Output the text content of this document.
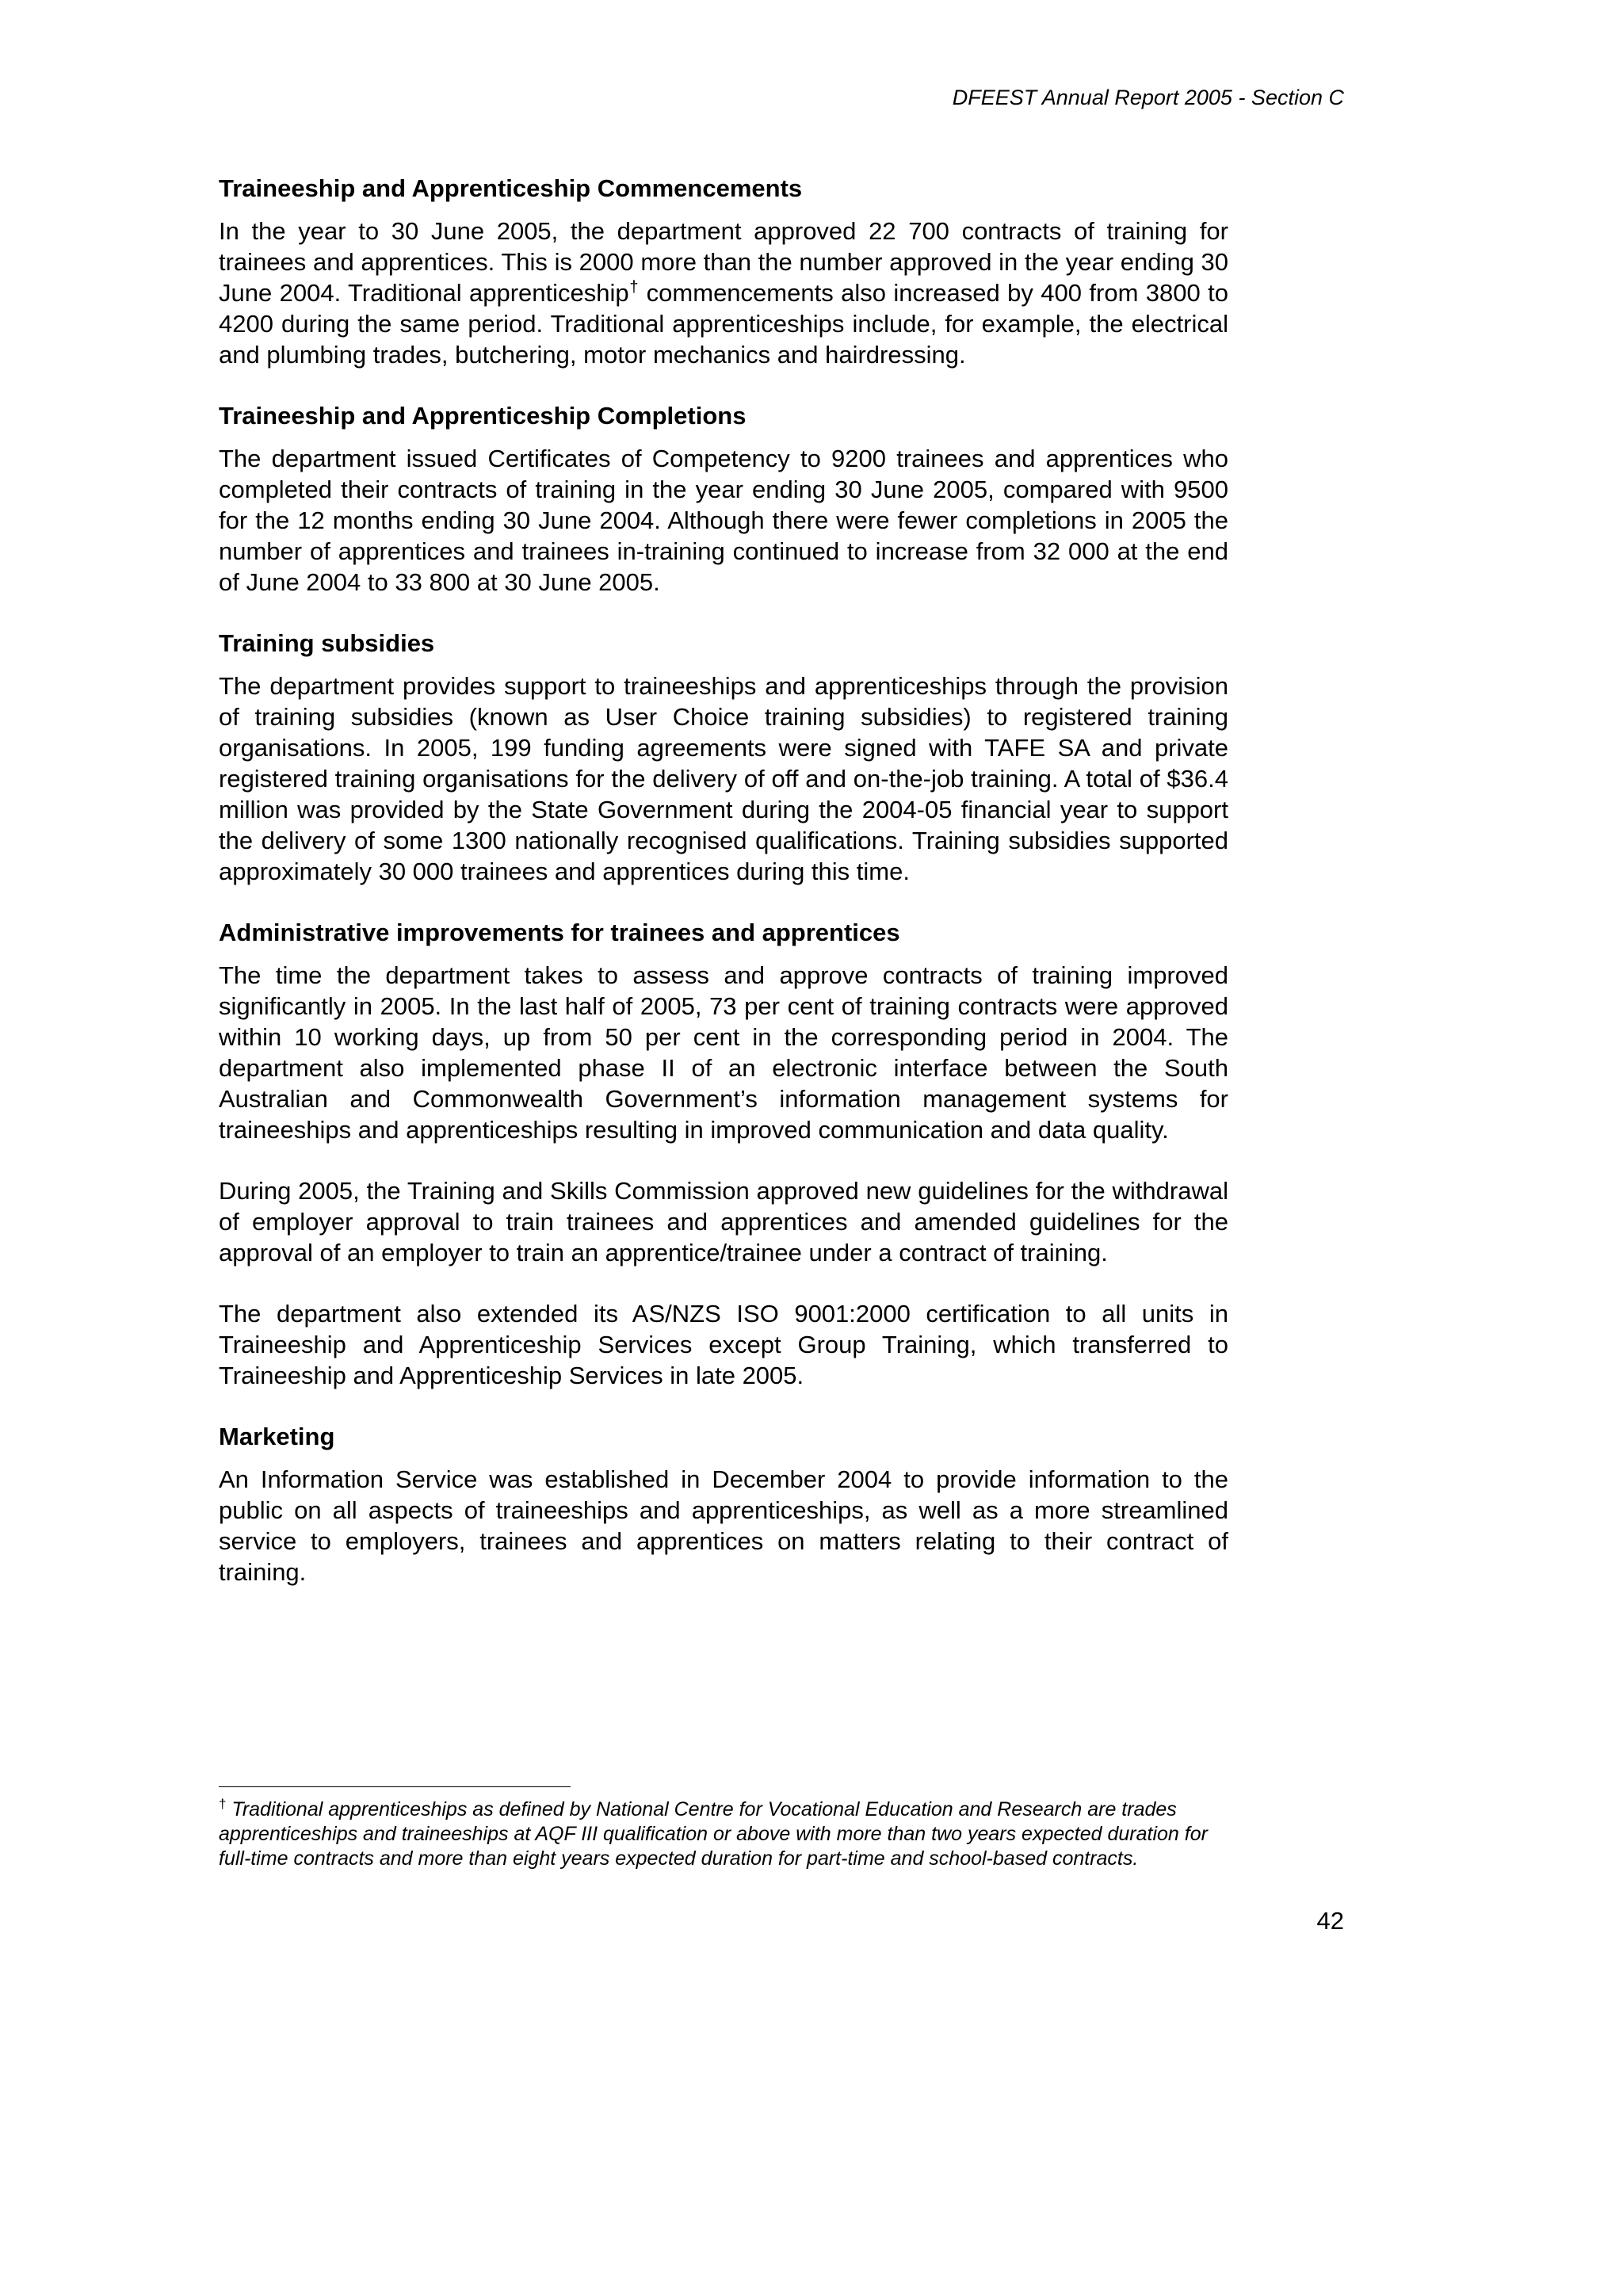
DFEEST Annual Report 2005 - Section C
Traineeship and Apprenticeship Commencements

In the year to 30 June 2005, the department approved 22 700 contracts of training for trainees and apprentices. This is 2000 more than the number approved in the year ending 30 June 2004. Traditional apprenticeship† commencements also increased by 400 from 3800 to 4200 during the same period. Traditional apprenticeships include, for example, the electrical and plumbing trades, butchering, motor mechanics and hairdressing.

Traineeship and Apprenticeship Completions

The department issued Certificates of Competency to 9200 trainees and apprentices who completed their contracts of training in the year ending 30 June 2005, compared with 9500 for the 12 months ending 30 June 2004. Although there were fewer completions in 2005 the number of apprentices and trainees in-training continued to increase from 32 000 at the end of June 2004 to 33 800 at 30 June 2005.

Training subsidies

The department provides support to traineeships and apprenticeships through the provision of training subsidies (known as User Choice training subsidies) to registered training organisations. In 2005, 199 funding agreements were signed with TAFE SA and private registered training organisations for the delivery of off and on-the-job training. A total of $36.4 million was provided by the State Government during the 2004-05 financial year to support the delivery of some 1300 nationally recognised qualifications. Training subsidies supported approximately 30 000 trainees and apprentices during this time.

Administrative improvements for trainees and apprentices

The time the department takes to assess and approve contracts of training improved significantly in 2005. In the last half of 2005, 73 per cent of training contracts were approved within 10 working days, up from 50 per cent in the corresponding period in 2004. The department also implemented phase II of an electronic interface between the South Australian and Commonwealth Government’s information management systems for traineeships and apprenticeships resulting in improved communication and data quality.

During 2005, the Training and Skills Commission approved new guidelines for the withdrawal of employer approval to train trainees and apprentices and amended guidelines for the approval of an employer to train an apprentice/trainee under a contract of training.

The department also extended its AS/NZS ISO 9001:2000 certification to all units in Traineeship and Apprenticeship Services except Group Training, which transferred to Traineeship and Apprenticeship Services in late 2005.

Marketing

An Information Service was established in December 2004 to provide information to the public on all aspects of traineeships and apprenticeships, as well as a more streamlined service to employers, trainees and apprentices on matters relating to their contract of training.

† Traditional apprenticeships as defined by National Centre for Vocational Education and Research are trades apprenticeships and traineeships at AQF III qualification or above with more than two years expected duration for full-time contracts and more than eight years expected duration for part-time and school-based contracts.
42
